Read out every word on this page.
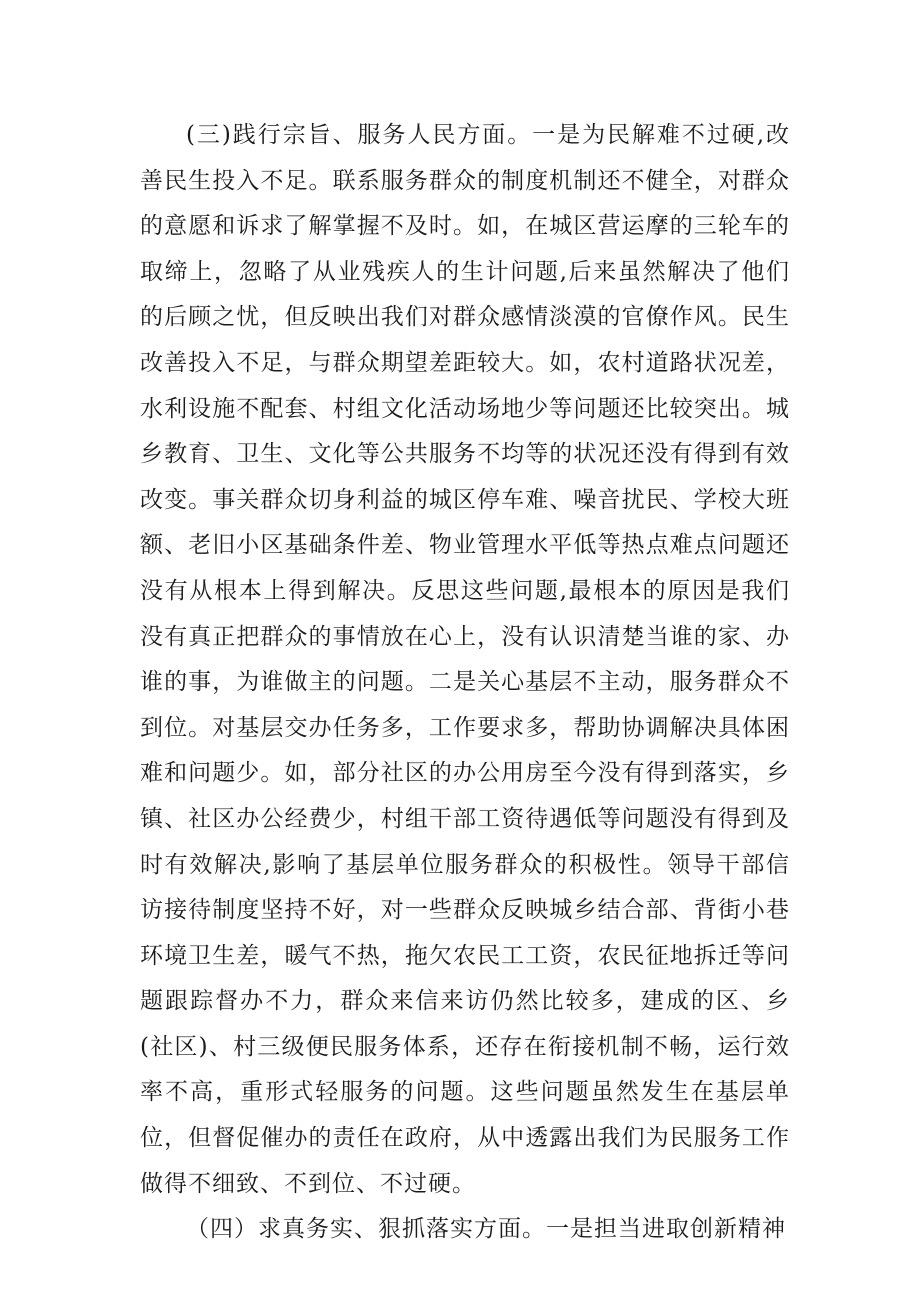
(三)践行宗旨、服务人民方面。一是为民解难不过硬,改善民生投入不足。联系服务群众的制度机制还不健全，对群众的意愿和诉求了解掌握不及时。如，在城区营运摩的三轮车的取缔上，忽略了从业残疾人的生计问题,后来虽然解决了他们的后顾之忧，但反映出我们对群众感情淡漠的官僚作风。民生改善投入不足，与群众期望差距较大。如，农村道路状况差，水利设施不配套、村组文化活动场地少等问题还比较突出。城乡教育、卫生、文化等公共服务不均等的状况还没有得到有效改变。事关群众切身利益的城区停车难、噪音扰民、学校大班额、老旧小区基础条件差、物业管理水平低等热点难点问题还没有从根本上得到解决。反思这些问题,最根本的原因是我们没有真正把群众的事情放在心上，没有认识清楚当谁的家、办谁的事，为谁做主的问题。二是关心基层不主动，服务群众不到位。对基层交办任务多，工作要求多，帮助协调解决具体困难和问题少。如，部分社区的办公用房至今没有得到落实，乡镇、社区办公经费少，村组干部工资待遇低等问题没有得到及时有效解决,影响了基层单位服务群众的积极性。领导干部信访接待制度坚持不好，对一些群众反映城乡结合部、背街小巷环境卫生差，暖气不热，拖欠农民工工资，农民征地拆迁等问题跟踪督办不力，群众来信来访仍然比较多，建成的区、乡(社区)、村三级便民服务体系，还存在衔接机制不畅，运行效率不高，重形式轻服务的问题。这些问题虽然发生在基层单位，但督促催办的责任在政府，从中透露出我们为民服务工作做得不细致、不到位、不过硬。

（四）求真务实、狠抓落实方面。一是担当进取创新精神
